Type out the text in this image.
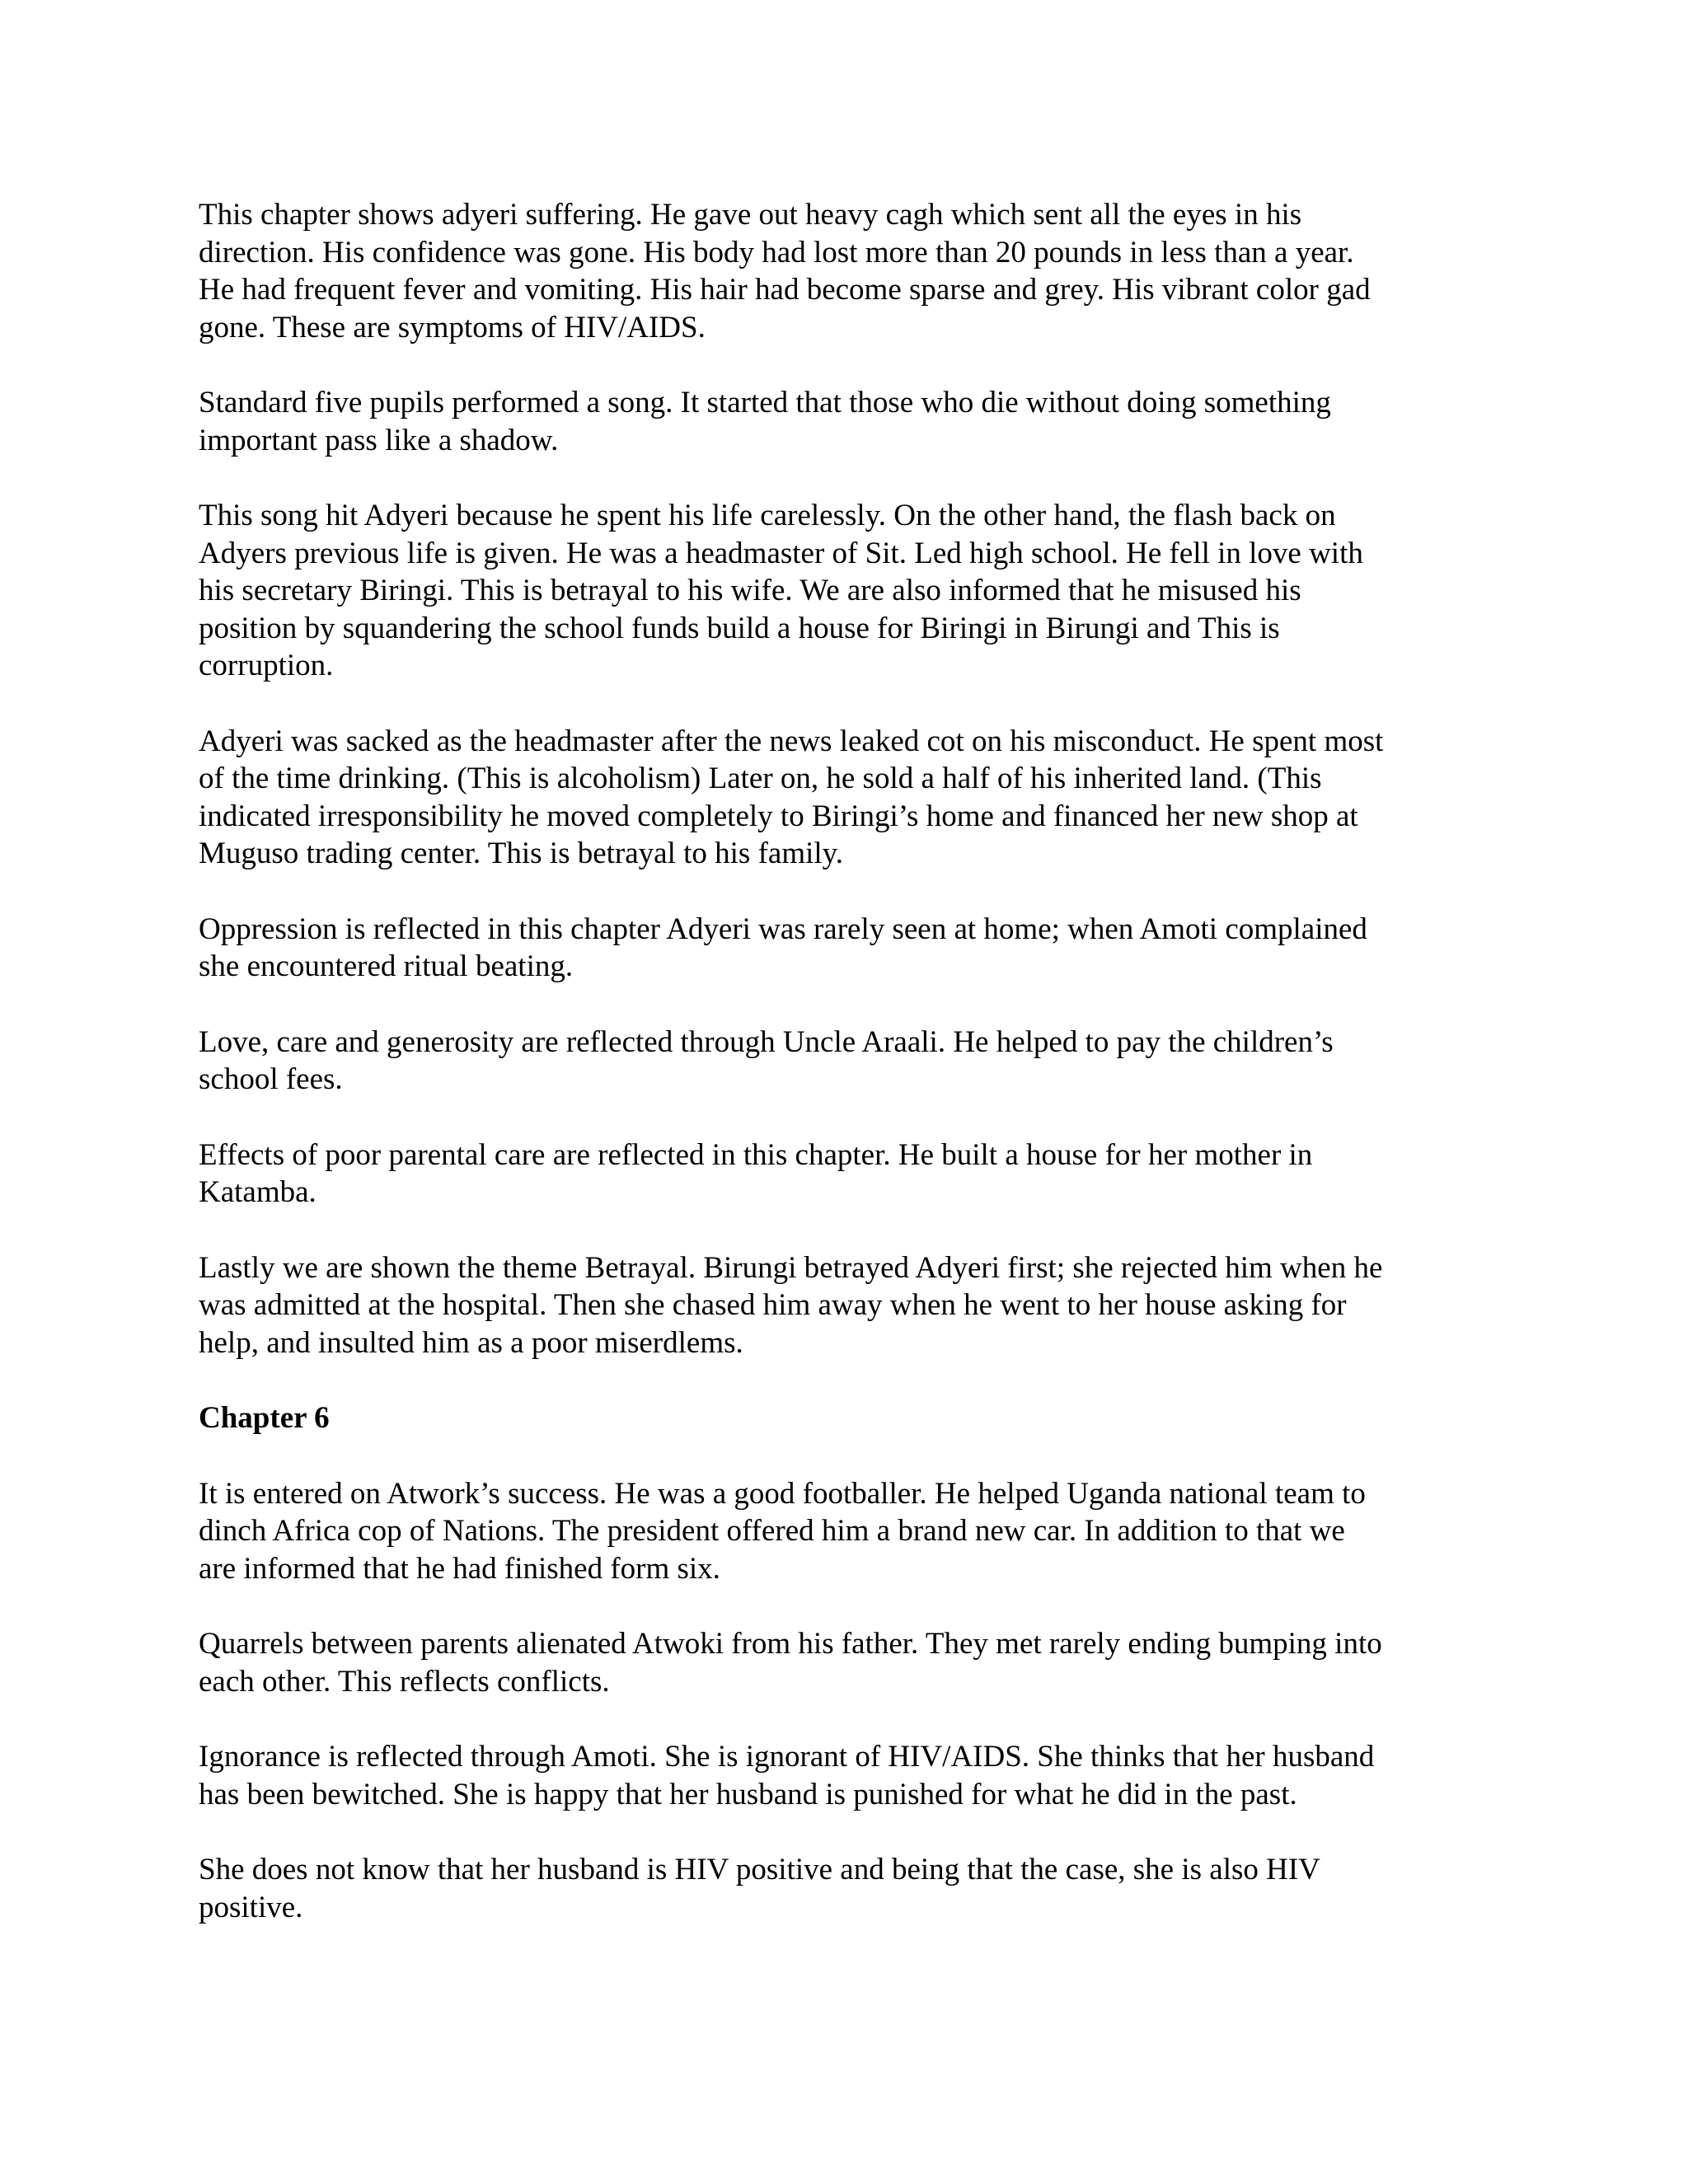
This chapter shows adyeri suffering. He gave out heavy cagh which sent all the eyes in his
direction. His confidence was gone. His body had lost more than 20 pounds in less than a year.
He had frequent fever and vomiting. His hair had become sparse and grey. His vibrant color gad
gone. These are symptoms of HIV/AIDS.

Standard five pupils performed a song. It started that those who die without doing something
important pass like a shadow.

This song hit Adyeri because he spent his life carelessly. On the other hand, the flash back on
Adyers previous life is given. He was a headmaster of Sit. Led high school. He fell in love with
his secretary Biringi. This is betrayal to his wife. We are also informed that he misused his
position by squandering the school funds build a house for Biringi in Birungi and This is
corruption.

Adyeri was sacked as the headmaster after the news leaked cot on his misconduct. He spent most
of the time drinking. (This is alcoholism) Later on, he sold a half of his inherited land. (This
indicated irresponsibility he moved completely to Biringi’s home and financed her new shop at
Muguso trading center. This is betrayal to his family.

Oppression is reflected in this chapter Adyeri was rarely seen at home; when Amoti complained
she encountered ritual beating.

Love, care and generosity are reflected through Uncle Araali. He helped to pay the children’s
school fees.

Effects of poor parental care are reflected in this chapter. He built a house for her mother in
Katamba.

Lastly we are shown the theme Betrayal. Birungi betrayed Adyeri first; she rejected him when he
was admitted at the hospital. Then she chased him away when he went to her house asking for
help, and insulted him as a poor miserdlems.

Chapter 6

It is entered on Atwork’s success. He was a good footballer. He helped Uganda national team to
dinch Africa cop of Nations. The president offered him a brand new car. In addition to that we
are informed that he had finished form six.

Quarrels between parents alienated Atwoki from his father. They met rarely ending bumping into
each other. This reflects conflicts.

Ignorance is reflected through Amoti. She is ignorant of HIV/AIDS. She thinks that her husband
has been bewitched. She is happy that her husband is punished for what he did in the past.

She does not know that her husband is HIV positive and being that the case, she is also HIV
positive.
